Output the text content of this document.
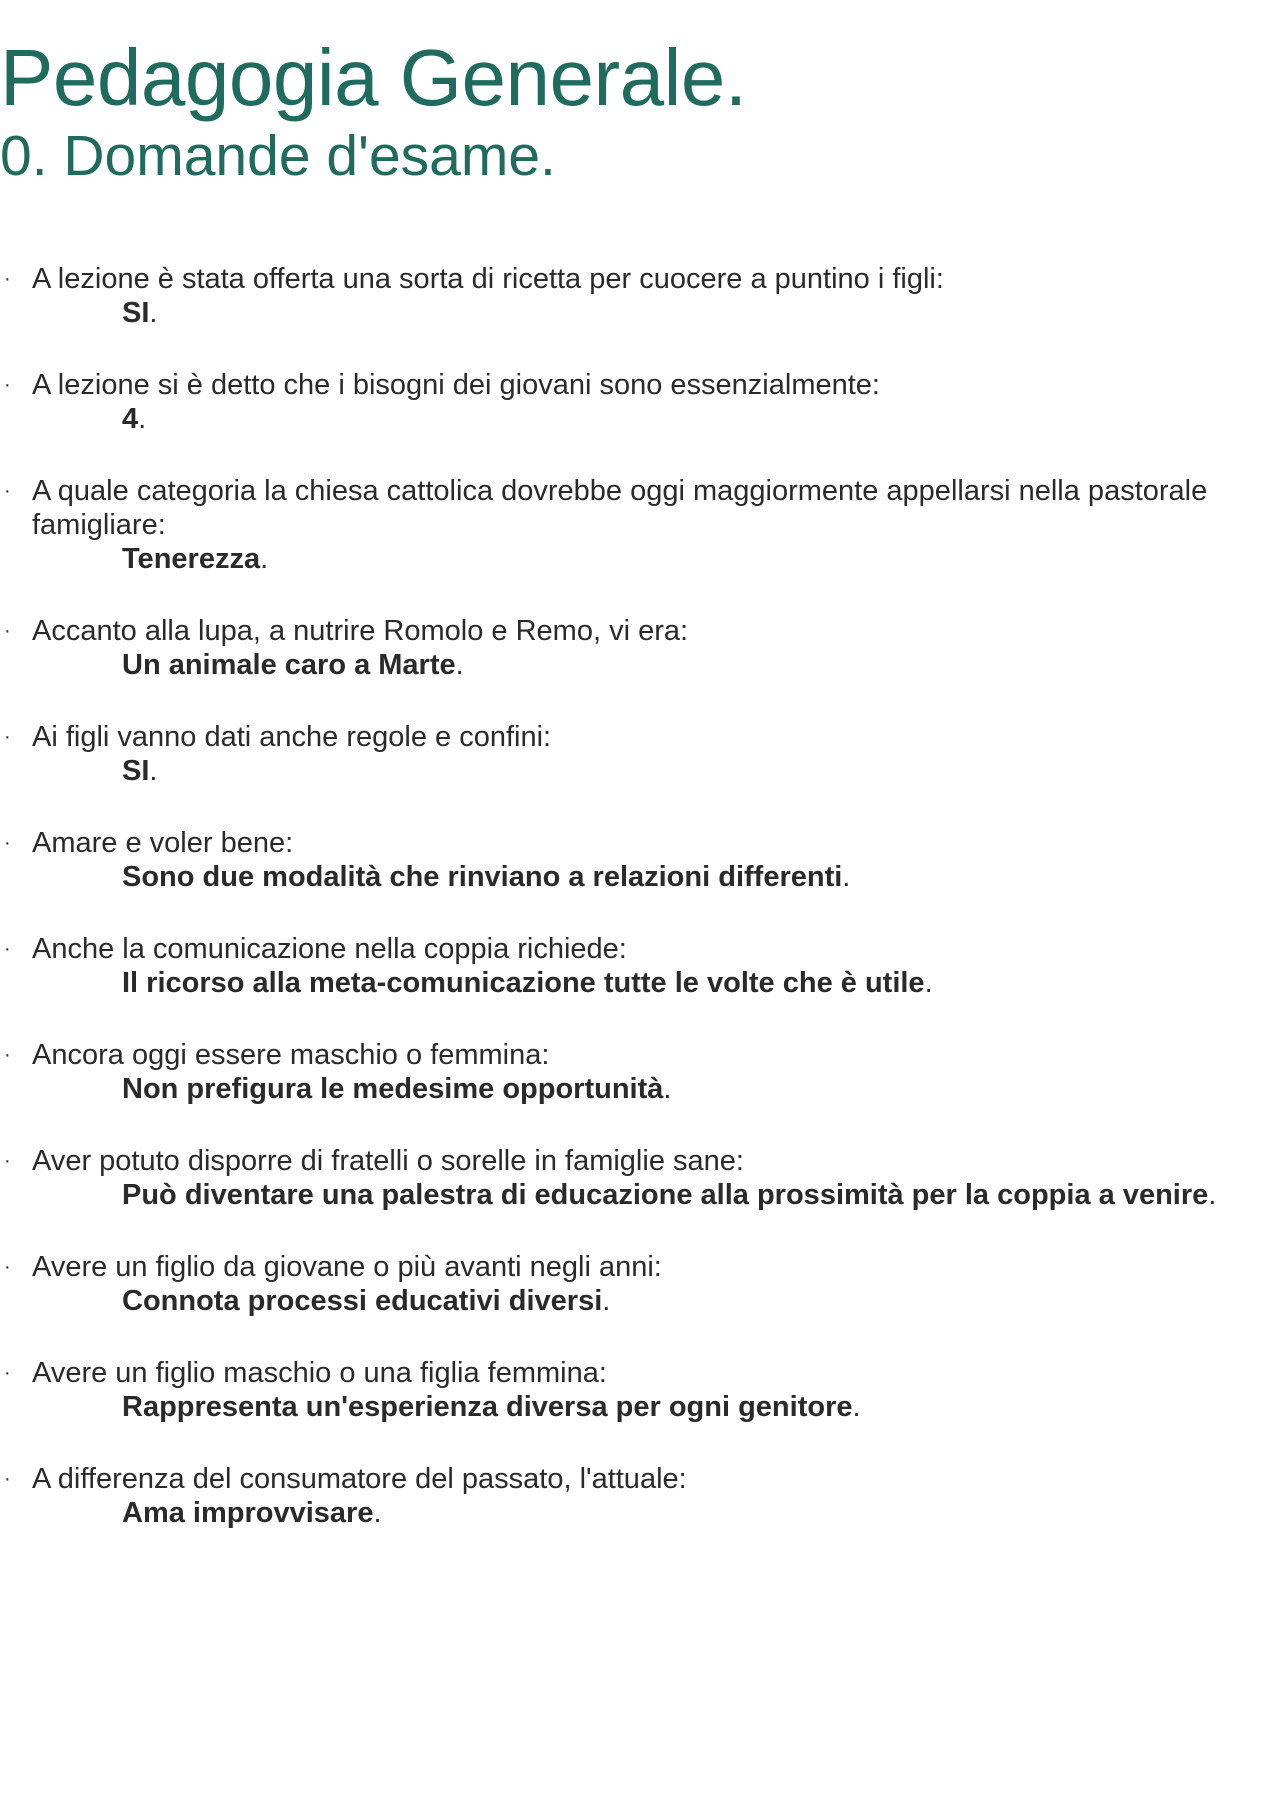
Pedagogia Generale.
0. Domande d'esame.
· A lezione è stata offerta una sorta di ricetta per cuocere a puntino i figli:

SI.

· A lezione si è detto che i bisogni dei giovani sono essenzialmente:

4.

· A quale categoria la chiesa cattolica dovrebbe oggi maggiormente appellarsi nella pastorale famigliare:

Tenerezza.

· Accanto alla lupa, a nutrire Romolo e Remo, vi era:

Un animale caro a Marte.

· Ai figli vanno dati anche regole e confini:

SI.

· Amare e voler bene:

Sono due modalità che rinviano a relazioni differenti.

· Anche la comunicazione nella coppia richiede:

Il ricorso alla meta-comunicazione tutte le volte che è utile.

· Ancora oggi essere maschio o femmina:

Non prefigura le medesime opportunità.

· Aver potuto disporre di fratelli o sorelle in famiglie sane:

Può diventare una palestra di educazione alla prossimità per la coppia a venire.

· Avere un figlio da giovane o più avanti negli anni:

Connota processi educativi diversi.

· Avere un figlio maschio o una figlia femmina:

Rappresenta un'esperienza diversa per ogni genitore.

· A differenza del consumatore del passato, l'attuale:

Ama improvvisare.
